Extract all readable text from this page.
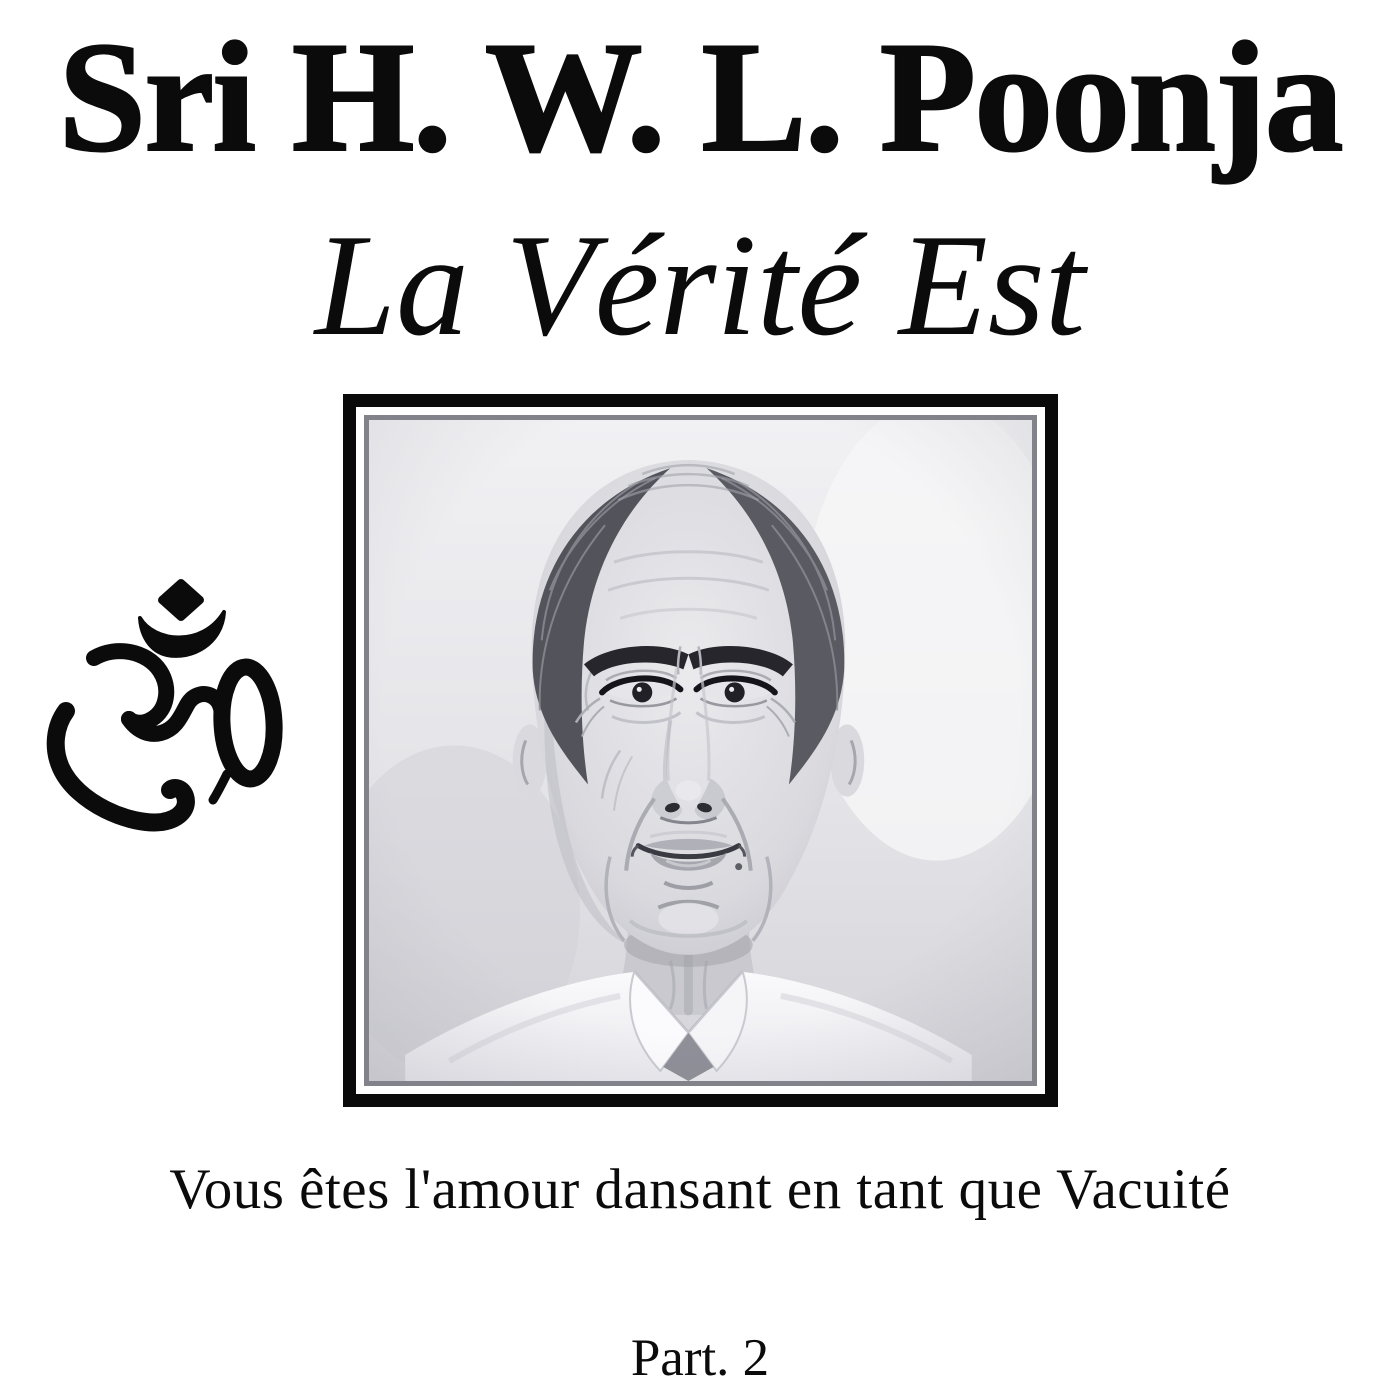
Sri H. W. L. Poonja
La Vérité Est
Vous êtes l'amour dansant en tant que Vacuité
Part. 2
